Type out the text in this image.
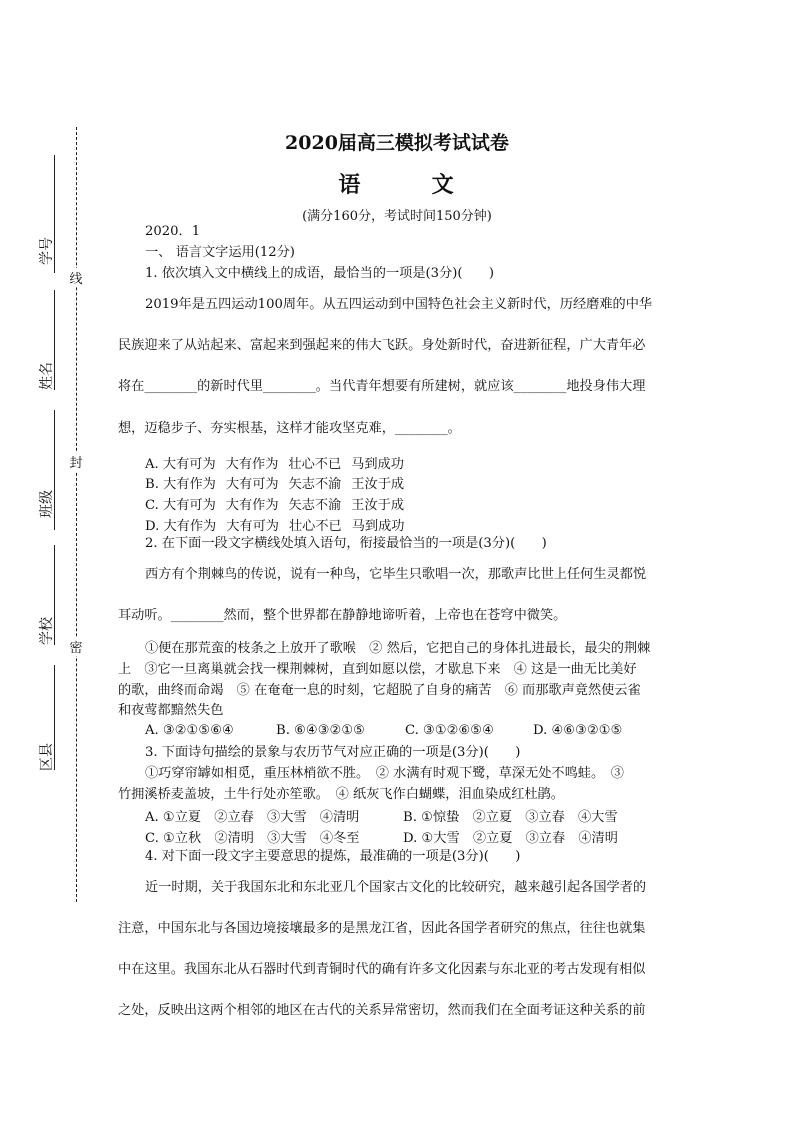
线
封
密
学号
姓名
班级
学校
区县
2020届高三模拟考试试卷
语	文
(满分160分，考试时间150分钟)
2020．1
一、 语言文字运用(12分)
1. 依次填入文中横线上的成语，最恰当的一项是(3分)(　　)
2019年是五四运动100周年。从五四运动到中国特色社会主义新时代，历经磨难的中华
民族迎来了从站起来、富起来到强起来的伟大飞跃。身处新时代，奋进新征程，广大青年必
将在________的新时代里________。当代青年想要有所建树，就应该________地投身伟大理
想，迈稳步子、夯实根基，这样才能攻坚克难，________。
A. 大有可为 大有作为 壮心不已 马到成功
B. 大有作为 大有可为 矢志不渝 王汝于成
C. 大有可为 大有作为 矢志不渝 王汝于成
D. 大有作为 大有可为 壮心不已 马到成功
2. 在下面一段文字横线处填入语句，衔接最恰当的一项是(3分)(　　)
西方有个荆棘鸟的传说，说有一种鸟，它毕生只歌唱一次，那歌声比世上任何生灵都悦
耳动听。________然而，整个世界都在静静地谛听着，上帝也在苍穹中微笑。
①便在那荒蛮的枝条之上放开了歌喉　② 然后，它把自己的身体扎进最长，最尖的荆棘
上　③它一旦离巢就会找一棵荆棘树，直到如愿以偿，才歇息下来　④ 这是一曲无比美好
的歌，曲终而命竭　⑤ 在奄奄一息的时刻，它超脱了自身的痛苦　⑥ 而那歌声竟然使云雀
和夜莺都黯然失色
A. ③②①⑤⑥④	B. ⑥④③②①⑤	C. ③①②⑥⑤④	D. ④⑥③②①⑤
3. 下面诗句描绘的景象与农历节气对应正确的一项是(3分)(　　)
①巧穿帘罅如相觅，重压林梢欲不胜。　② 水满有时观下鹭，草深无处不鸣蛙。　③
竹拥溪桥麦盖坡，土牛行处亦笙歌。　④ 纸灰飞作白蝴蝶，泪血染成红杜鹃。
A. ①立夏　②立春　③大雪　④清明	B. ①惊蛰　②立夏　③立春　④大雪
C. ①立秋　②清明　③大雪　④冬至	D. ①大雪　②立夏　③立春　④清明
4. 对下面一段文字主要意思的提炼，最准确的一项是(3分)(　　)
近一时期，关于我国东北和东北亚几个国家古文化的比较研究，越来越引起各国学者的
注意，中国东北与各国边境接壤最多的是黑龙江省，因此各国学者研究的焦点，往往也就集
中在这里。我国东北从石器时代到青铜时代的确有许多文化因素与东北亚的考古发现有相似
之处，反映出这两个相邻的地区在古代的关系异常密切，然而我们在全面考证这种关系的前
